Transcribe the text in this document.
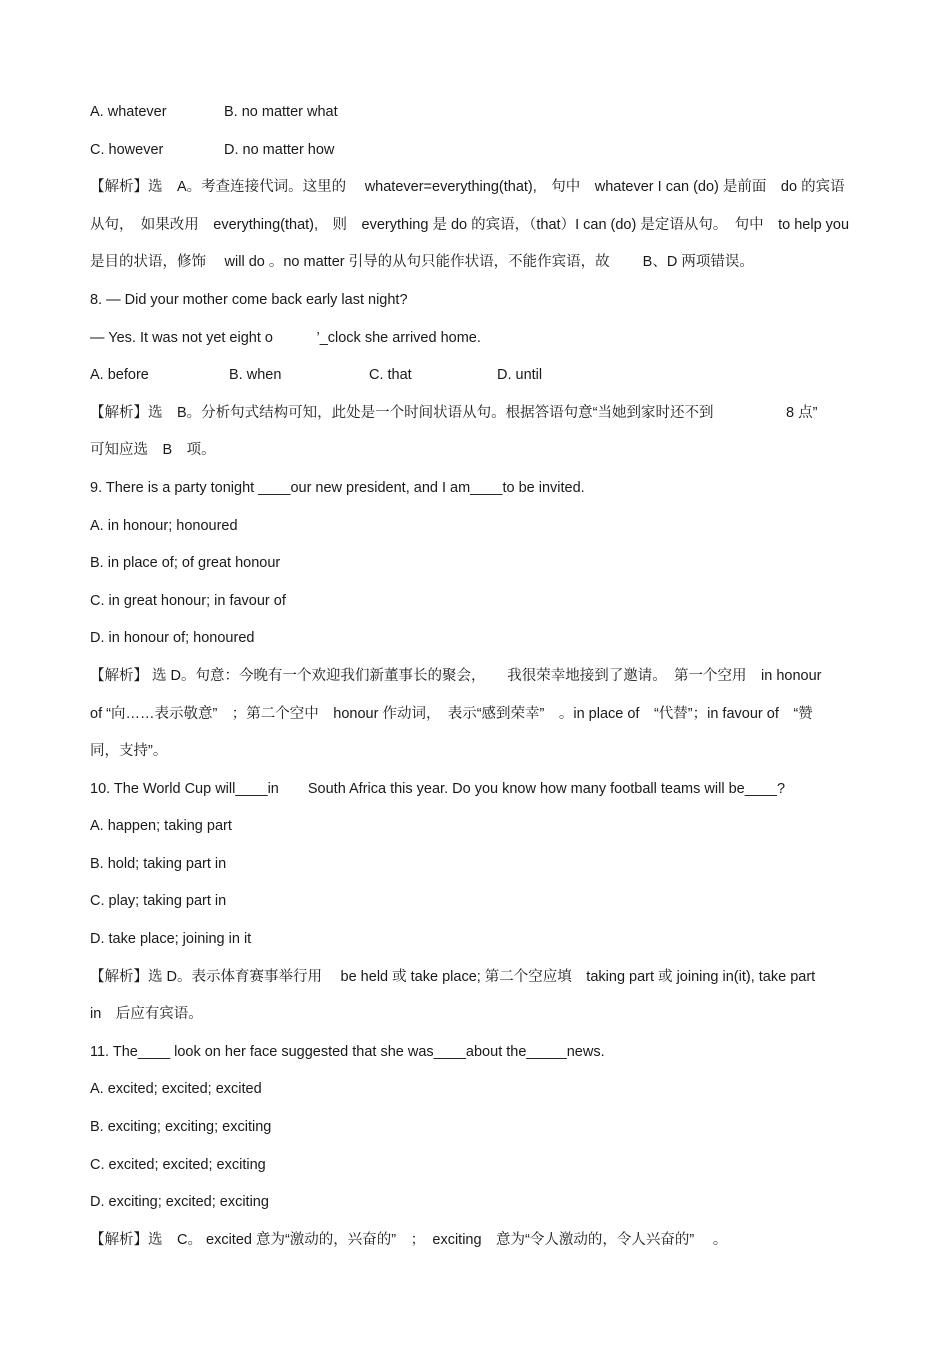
A. whatever	B. no matter what
C. however	D. no matter how
【解析】选　A。考查连接代词。这里的　 whatever=everything(that),　句中　whatever I can (do) 是前面　do 的宾语
从句，　如果改用　everything(that),　则　everything 是 do 的宾语，（that）I can (do) 是定语从句。　句中　to help you
是目的状语，修饰　 will do 。no matter 引导的从句只能作状语，不能作宾语，故　　 B、D 两项错误。
8. — Did your mother come back early last night?
— Yes. It was not yet eight o　　　’_clock she arrived home.
A. before	B. when	C. that	D. until
【解析】选　B。分析句式结构可知，此处是一个时间状语从句。根据答语句意“当她到家时还不到　　　　　8 点”
可知应选　B　项。
9. There is a party tonight ____our new president, and I am____to be invited.
A. in honour; honoured
B. in place of; of great honour
C. in great honour; in favour of
D. in honour of; honoured
【解析】 选 D。句意：今晚有一个欢迎我们新董事长的聚会，　　我很荣幸地接到了邀请。　第一个空用　in honour
of “向……表示敬意”　；第二个空中　honour 作动词，　表示“感到荣幸”　。in place of　“代替”；in favour of　“赞
同，支持”。
10. The World Cup will____in　　South Africa this year. Do you know how many football teams will be____?
A. happen; taking part
B. hold; taking part in
C. play; taking part in
D. take place; joining in it
【解析】选 D。表示体育赛事举行用　 be held 或 take place; 第二个空应填　taking part 或 joining in(it), take part
in　后应有宾语。
11. The____ look on her face suggested that she was____about the_____news.
A. excited; excited; excited
B. exciting; exciting; exciting
C. excited; excited; exciting
D. exciting; excited; exciting
【解析】选　C。 excited 意为“激动的，兴奋的”　；　exciting　意为“令人激动的，令人兴奋的”　 。
